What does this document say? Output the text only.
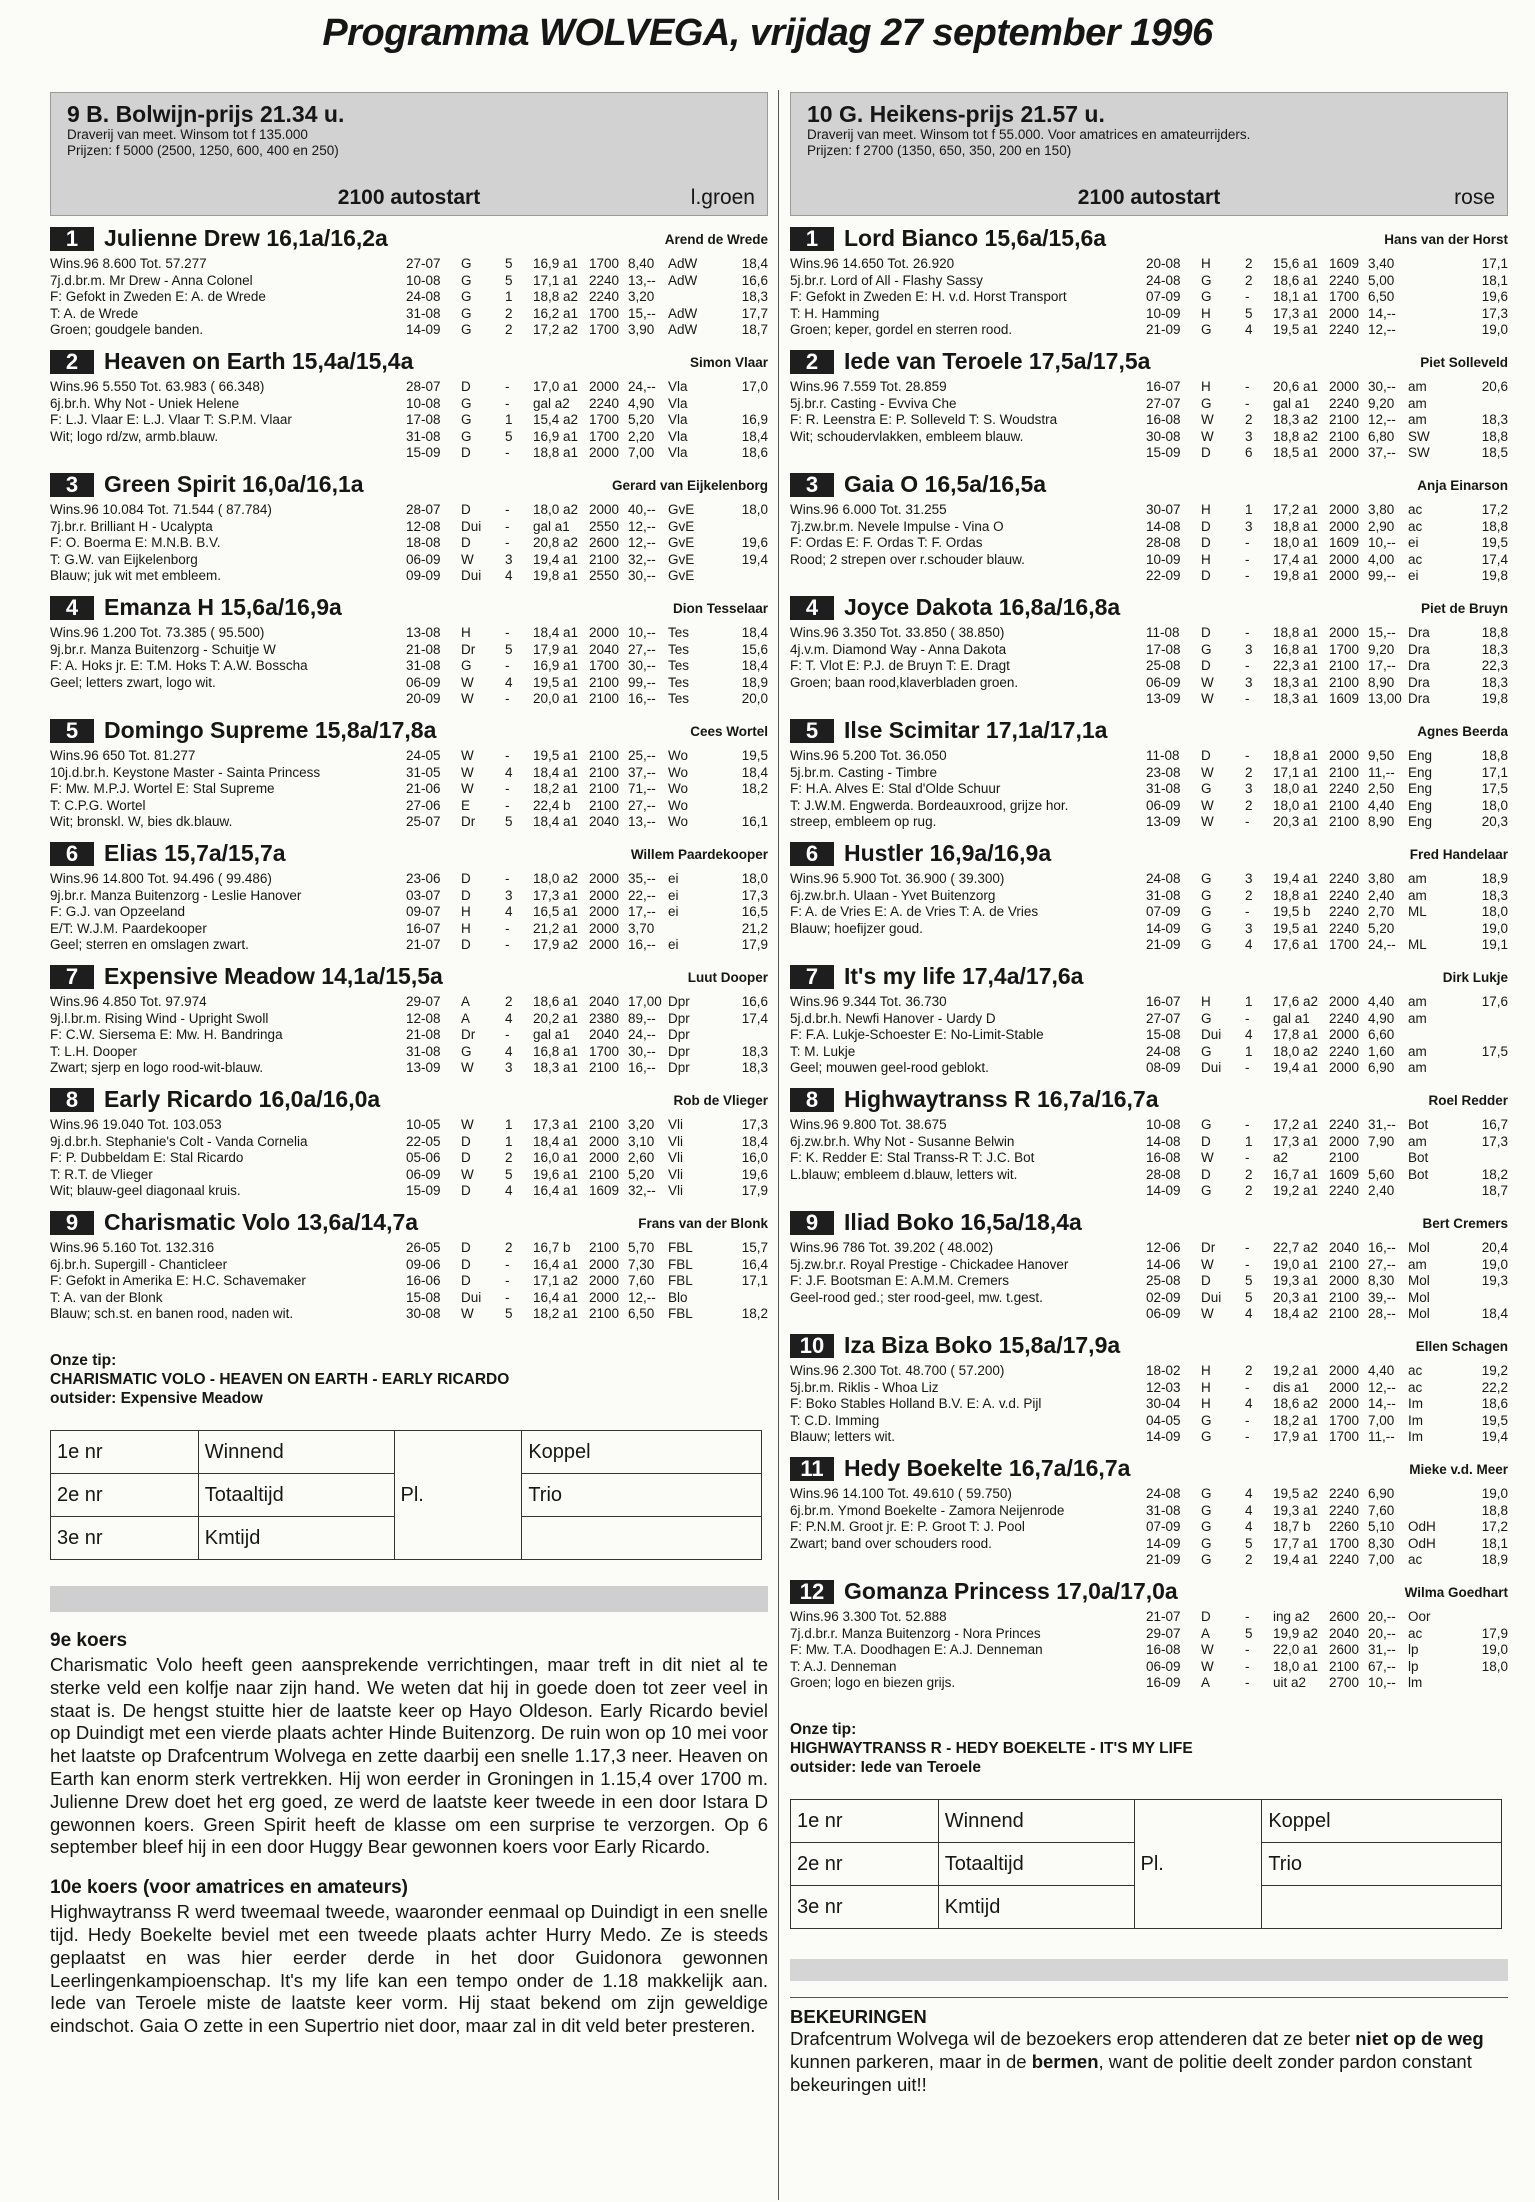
Programma WOLVEGA, vrijdag 27 september 1996
9 B. Bolwijn-prijs 21.34 u.
Draverij van meet. Winsom tot f 135.000
Prijzen: f 5000 (2500, 1250, 600, 400 en 250)
2100 autostart	l.groen
1	Julienne Drew 16,1a/16,2a	Arend de Wrede
Wins.96 8.600 Tot. 57.277
7j.d.br.m. Mr Drew - Anna Colonel
F: Gefokt in Zweden E: A. de Wrede
T: A. de Wrede
Groen; goudgele banden.
27-07 G 5 16,9 a1 1700 8,40 AdW	18,4
10-08 G 5 17,1 a1 2240 13,-- AdW	16,6
24-08 G 1 18,8 a2 2240 3,20	18,3
31-08 G 2 16,2 a1 1700 15,-- AdW	17,7
14-09 G 2 17,2 a2 1700 3,90 AdW	18,7
2	Heaven on Earth 15,4a/15,4a	Simon Vlaar
Wins.96 5.550 Tot. 63.983 ( 66.348)
6j.br.h. Why Not - Uniek Helene
F: L.J. Vlaar E: L.J. Vlaar T: S.P.M. Vlaar
Wit; logo rd/zw, armb.blauw.
28-07 D	- 17,0 a1 2000 24,-- Vla	17,0
10-08 G - gal a2 2240 4,90 Vla
17-08 G 1 15,4 a2 1700 5,20 Vla	16,9
31-08 G 5 16,9 a1 1700 2,20 Vla	18,4
15-09 D	- 18,8 a1 2000 7,00 Vla	18,6
3	Green Spirit 16,0a/16,1a	Gerard van Eijkelenborg
Wins.96 10.084 Tot. 71.544 ( 87.784)
7j.br.r. Brilliant H - Ucalypta
F: O. Boerma E: M.N.B. B.V.
T: G.W. van Eijkelenborg
Blauw; juk wit met embleem.
28-07 D	- 18,0 a2 2000 40,-- GvE	18,0
12-08 Dui - gal a1 2550 12,-- GvE
18-08 D	- 20,8 a2 2600 12,-- GvE	19,6
06-09 W 3 19,4 a1 2100 32,-- GvE	19,4
09-09 Dui 4 19,8 a1 2550 30,-- GvE
4	Emanza H 15,6a/16,9a	Dion Tesselaar
Wins.96 1.200 Tot. 73.385 ( 95.500)
9j.br.r. Manza Buitenzorg - Schuitje W
F: A. Hoks jr. E: T.M. Hoks T: A.W. Bosscha
Geel; letters zwart, logo wit.
13-08 H	- 18,4 a1 2000 10,-- Tes	18,4
21-08 Dr 5 17,9 a1 2040 27,-- Tes	15,6
31-08 G - 16,9 a1 1700 30,-- Tes	18,4
06-09 W 4 19,5 a1 2100 99,-- Tes	18,9
20-09 W - 20,0 a1 2100 16,-- Tes	20,0
5	Domingo Supreme 15,8a/17,8a	Cees Wortel
Wins.96 650 Tot. 81.277
10j.d.br.h. Keystone Master - Sainta Princess
F: Mw. M.P.J. Wortel E: Stal Supreme
T: C.P.G. Wortel
Wit; bronskl. W, bies dk.blauw.
24-05 W - 19,5 a1 2100 25,-- Wo	19,5
31-05 W 4 18,4 a1 2100 37,-- Wo	18,4
21-06 W - 18,2 a1 2100 71,-- Wo	18,2
27-06 E	- 22,4 b 2100 27,-- Wo
25-07 Dr 5 18,4 a1 2040 13,-- Wo	16,1
6	Elias 15,7a/15,7a	Willem Paardekooper
Wins.96 14.800 Tot. 94.496 ( 99.486)
9j.br.r. Manza Buitenzorg - Leslie Hanover
F: G.J. van Opzeeland
E/T: W.J.M. Paardekooper
Geel; sterren en omslagen zwart.
23-06 D	- 18,0 a2 2000 35,-- ei	18,0
03-07 D	3 17,3 a1 2000 22,-- ei	17,3
09-07 H	4 16,5 a1 2000 17,-- ei	16,5
16-07 H	- 21,2 a1 2000 3,70	21,2
21-07 D	- 17,9 a2 2000 16,-- ei	17,9
7	Expensive Meadow 14,1a/15,5a	Luut Dooper
Wins.96 4.850 Tot. 97.974
9j.l.br.m. Rising Wind - Upright Swoll
F: C.W. Siersema E: Mw. H. Bandringa
T: L.H. Dooper
Zwart; sjerp en logo rood-wit-blauw.
29-07 A	2 18,6 a1 2040 17,00 Dpr	16,6
12-08 A	4 20,2 a1 2380 89,-- Dpr	17,4
21-08 Dr - gal a1 2040 24,-- Dpr
31-08 G 4 16,8 a1 1700 30,-- Dpr	18,3
13-09 W 3 18,3 a1 2100 16,-- Dpr	18,3
8	Early Ricardo 16,0a/16,0a	Rob de Vlieger
Wins.96 19.040 Tot. 103.053
9j.d.br.h. Stephanie's Colt - Vanda Cornelia
F: P. Dubbeldam E: Stal Ricardo
T: R.T. de Vlieger
Wit; blauw-geel diagonaal kruis.
10-05 W 1 17,3 a1 2100 3,20 Vli	17,3
22-05 D	1 18,4 a1 2000 3,10 Vli	18,4
05-06 D	2 16,0 a1 2000 2,60 Vli	16,0
06-09 W 5 19,6 a1 2100 5,20 Vli	19,6
15-09 D	4 16,4 a1 1609 32,-- Vli	17,9
9	Charismatic Volo 13,6a/14,7a	Frans van der Blonk
Wins.96 5.160 Tot. 132.316
6j.br.h. Supergill - Chanticleer
F: Gefokt in Amerika E: H.C. Schavemaker
T: A. van der Blonk
Blauw; sch.st. en banen rood, naden wit.
26-05 D	2 16,7 b 2100 5,70 FBL	15,7
09-06 D	- 16,4 a1 2000 7,30 FBL	16,4
16-06 D	- 17,1 a2 2000 7,60 FBL	17,1
15-08 Dui - 16,4 a1 2000 12,-- Blo
30-08 W 5 18,2 a1 2100 6,50 FBL	18,2
Onze tip:
CHARISMATIC VOLO - HEAVEN ON EARTH - EARLY RICARDO
outsider: Expensive Meadow
1e nr	Winnend	Pl.	Koppel
2e nr	Totaaltijd		Trio
3e nr	Kmtijd		
9e koers

Charismatic Volo heeft geen aansprekende verrichtingen, maar treft in dit niet al te sterke veld een kolfje naar zijn hand. We weten dat hij in goede doen tot zeer veel in staat is. De hengst stuitte hier de laatste keer op Hayo Oldeson. Early Ricardo beviel op Duindigt met een vierde plaats achter Hinde Buitenzorg. De ruin won op 10 mei voor het laatste op Drafcentrum Wolvega en zette daarbij een snelle 1.17,3 neer. Heaven on Earth kan enorm sterk vertrekken. Hij won eerder in Groningen in 1.15,4 over 1700 m. Julienne Drew doet het erg goed, ze werd de laatste keer tweede in een door Istara D gewonnen koers. Green Spirit heeft de klasse om een surprise te verzorgen. Op 6 september bleef hij in een door Huggy Bear gewonnen koers voor Early Ricardo.

10e koers (voor amatrices en amateurs)

Highwaytranss R werd tweemaal tweede, waaronder eenmaal op Duindigt in een snelle tijd. Hedy Boekelte beviel met een tweede plaats achter Hurry Medo. Ze is steeds geplaatst en was hier eerder derde in het door Guidonora gewonnen Leerlingenkampioenschap. It's my life kan een tempo onder de 1.18 makkelijk aan. Iede van Teroele miste de laatste keer vorm. Hij staat bekend om zijn geweldige eindschot. Gaia O zette in een Supertrio niet door, maar zal in dit veld beter presteren.

10 G. Heikens-prijs 21.57 u.
Draverij van meet. Winsom tot f 55.000. Voor amatrices en amateurrijders.
Prijzen: f 2700 (1350, 650, 350, 200 en 150)
2100 autostart	rose
1	Lord Bianco 15,6a/15,6a	Hans van der Horst
Wins.96 14.650 Tot. 26.920
5j.br.r. Lord of All - Flashy Sassy
F: Gefokt in Zweden E: H. v.d. Horst Transport
T: H. Hamming
Groen; keper, gordel en sterren rood.
20-08 H	2 15,6 a1 1609 3,40	17,1
24-08 G 2 18,6 a1 2240 5,00	18,1
07-09 G - 18,1 a1 1700 6,50	19,6
10-09 H	5 17,3 a1 2000 14,--	17,3
21-09 G 4 19,5 a1 2240 12,--	19,0
2	Iede van Teroele 17,5a/17,5a	Piet Solleveld
Wins.96 7.559 Tot. 28.859
5j.br.r. Casting - Evviva Che
F: R. Leenstra E: P. Solleveld T: S. Woudstra
Wit; schoudervlakken, embleem blauw.
16-07 H	- 20,6 a1 2000 30,-- am	20,6
27-07 G - gal a1 2240 9,20 am
16-08 W 2 18,3 a2 2100 12,-- am	18,3
30-08 W 3 18,8 a2 2100 6,80 SW	18,8
15-09 D	6 18,5 a1 2000 37,-- SW	18,5
3	Gaia O 16,5a/16,5a	Anja Einarson
Wins.96 6.000 Tot. 31.255
7j.zw.br.m. Nevele Impulse - Vina O
F: Ordas E: F. Ordas T: F. Ordas
Rood; 2 strepen over r.schouder blauw.
30-07 H	1 17,2 a1 2000 3,80 ac	17,2
14-08 D	3 18,8 a1 2000 2,90 ac	18,8
28-08 D	- 18,0 a1 1609 10,-- ei	19,5
10-09 H	- 17,4 a1 2000 4,00 ac	17,4
22-09 D	- 19,8 a1 2000 99,-- ei	19,8
4	Joyce Dakota 16,8a/16,8a	Piet de Bruyn
Wins.96 3.350 Tot. 33.850 ( 38.850)
4j.v.m. Diamond Way - Anna Dakota
F: T. Vlot E: P.J. de Bruyn T: E. Dragt
Groen; baan rood,klaverbladen groen.
11-08 D	- 18,8 a1 2000 15,-- Dra	18,8
17-08 G 3 16,8 a1 1700 9,20 Dra	18,3
25-08 D	- 22,3 a1 2100 17,-- Dra	22,3
06-09 W 3 18,3 a1 2100 8,90 Dra	18,3
13-09 W - 18,3 a1 1609 13,00 Dra	19,8
5	Ilse Scimitar 17,1a/17,1a	Agnes Beerda
Wins.96 5.200 Tot. 36.050
5j.br.m. Casting - Timbre
F: H.A. Alves E: Stal d'Olde Schuur
T: J.W.M. Engwerda. Bordeauxrood, grijze hor.
streep, embleem op rug.
11-08 D	- 18,8 a1 2000 9,50 Eng	18,8
23-08 W 2 17,1 a1 2100 11,-- Eng	17,1
31-08 G 3 18,0 a1 2240 2,50 Eng	17,5
06-09 W 2 18,0 a1 2100 4,40 Eng	18,0
13-09 W - 20,3 a1 2100 8,90 Eng	20,3
6	Hustler 16,9a/16,9a	Fred Handelaar
Wins.96 5.900 Tot. 36.900 ( 39.300)
6j.zw.br.h. Ulaan - Yvet Buitenzorg
F: A. de Vries E: A. de Vries T: A. de Vries
Blauw; hoefijzer goud.
24-08 G 3 19,4 a1 2240 3,80 am	18,9
31-08 G 2 18,8 a1 2240 2,40 am	18,3
07-09 G - 19,5 b 2240 2,70 ML	18,0
14-09 G 3 19,5 a1 2240 5,20	19,0
21-09 G 4 17,6 a1 1700 24,-- ML	19,1
7	It's my life 17,4a/17,6a	Dirk Lukje
Wins.96 9.344 Tot. 36.730
5j.d.br.h. Newfi Hanover - Uardy D
F: F.A. Lukje-Schoester E: No-Limit-Stable
T: M. Lukje
Geel; mouwen geel-rood geblokt.
16-07 H	1 17,6 a2 2000 4,40 am	17,6
27-07 G - gal a1 2240 4,90 am
15-08 Dui 4 17,8 a1 2000 6,60
24-08 G 1 18,0 a2 2240 1,60 am	17,5
08-09 Dui - 19,4 a1 2000 6,90 am
8	Highwaytranss R 16,7a/16,7a	Roel Redder
Wins.96 9.800 Tot. 38.675
6j.zw.br.h. Why Not - Susanne Belwin
F: K. Redder E: Stal Transs-R T: J.C. Bot
L.blauw; embleem d.blauw, letters wit.
10-08 G - 17,2 a1 2240 31,-- Bot	16,7
14-08 D	1 17,3 a1 2000 7,90 am	17,3
16-08 W - a2	2100	Bot
28-08 D	2 16,7 a1 1609 5,60 Bot	18,2
14-09 G 2 19,2 a1 2240 2,40	18,7
9	Iliad Boko 16,5a/18,4a	Bert Cremers
Wins.96 786 Tot. 39.202 ( 48.002)
5j.zw.br.r. Royal Prestige - Chickadee Hanover
F: J.F. Bootsman E: A.M.M. Cremers
Geel-rood ged.; ster rood-geel, mw. t.gest.
12-06 Dr - 22,7 a2 2040 16,-- Mol	20,4
14-06 W - 19,0 a1 2100 27,-- am	19,0
25-08 D	5 19,3 a1 2000 8,30 Mol	19,3
02-09 Dui 5 20,3 a1 2100 39,-- Mol
06-09 W 4 18,4 a2 2100 28,-- Mol	18,4
10 Iza Biza Boko 15,8a/17,9a	Ellen Schagen
Wins.96 2.300 Tot. 48.700 ( 57.200)
5j.br.m. Riklis - Whoa Liz
F: Boko Stables Holland B.V. E: A. v.d. Pijl
T: C.D. Imming
Blauw; letters wit.
18-02 H	2 19,2 a1 2000 4,40 ac	19,2
12-03 H	- dis a1 2000 12,-- ac	22,2
30-04 H	4 18,6 a2 2000 14,-- Im	18,6
04-05 G - 18,2 a1 1700 7,00 Im	19,5
14-09 G - 17,9 a1 1700 11,-- Im	19,4
11 Hedy Boekelte 16,7a/16,7a	Mieke v.d. Meer
Wins.96 14.100 Tot. 49.610 ( 59.750)
6j.br.m. Ymond Boekelte - Zamora Neijenrode
F: P.N.M. Groot jr. E: P. Groot T: J. Pool
Zwart; band over schouders rood.
24-08 G 4 19,5 a2 2240 6,90	19,0
31-08 G 4 19,3 a1 2240 7,60	18,8
07-09 G 4 18,7 b 2260 5,10 OdH	17,2
14-09 G 5 17,7 a1 1700 8,30 OdH	18,1
21-09 G 2 19,4 a1 2240 7,00 ac	18,9
12 Gomanza Princess 17,0a/17,0a	Wilma Goedhart
Wins.96 3.300 Tot. 52.888
7j.d.br.r. Manza Buitenzorg - Nora Princes
F: Mw. T.A. Doodhagen E: A.J. Denneman
T: A.J. Denneman
Groen; logo en biezen grijs.
21-07 D	- ing a2 2600 20,-- Oor
29-07 A	5 19,9 a2 2040 20,-- ac	17,9
16-08 W - 22,0 a1 2600 31,-- lp	19,0
06-09 W - 18,0 a1 2100 67,-- lp	18,0
16-09 A	- uit a2 2700 10,-- lm
Onze tip:
HIGHWAYTRANSS R - HEDY BOEKELTE - IT'S MY LIFE
outsider: Iede van Teroele
1e nr	Winnend	Pl.	Koppel
2e nr	Totaaltijd		Trio
3e nr	Kmtijd		
BEKEURINGEN

Drafcentrum Wolvega wil de bezoekers erop attenderen dat ze beter niet op de weg kunnen parkeren, maar in de bermen, want de politie deelt zonder pardon constant bekeuringen uit!!
